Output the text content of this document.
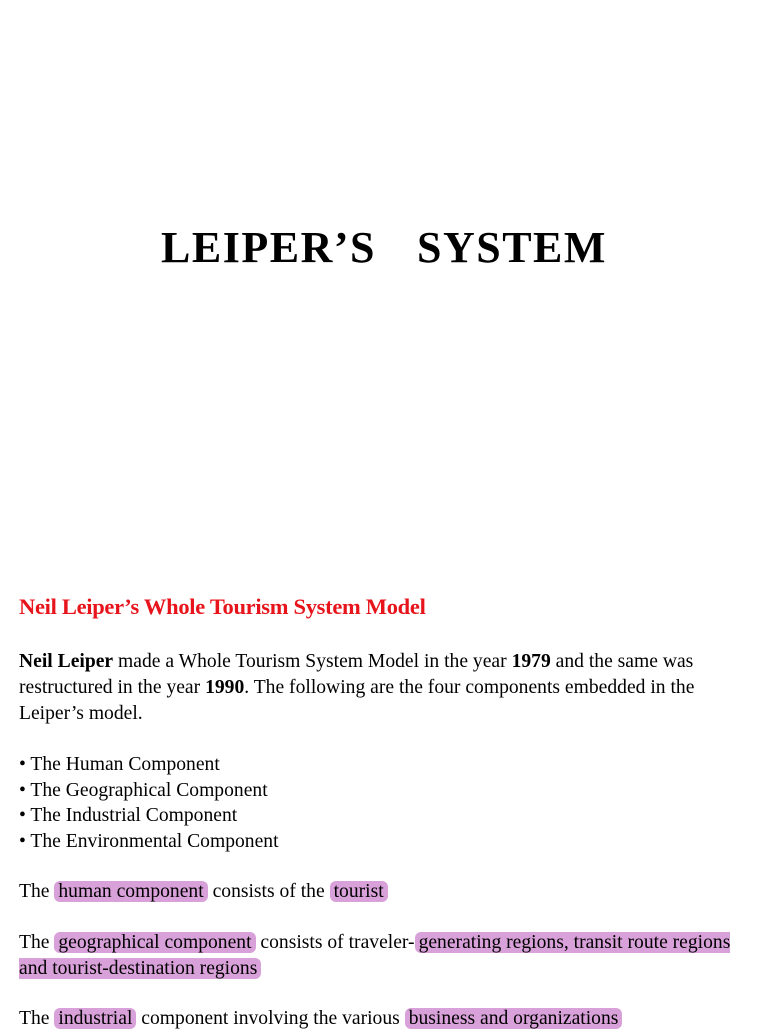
LEIPER’S  SYSTEM
Neil Leiper’s Whole Tourism System Model

Neil Leiper made a Whole Tourism System Model in the year 1979 and the same was restructured in the year 1990. The following are the four components embedded in the Leiper’s model.

• The Human Component
• The Geographical Component
• The Industrial Component
• The Environmental Component

The human component consists of the tourist

The geographical component consists of traveler- generating regions, transit route regions and tourist-destination regions

The industrial component involving the various business and organizations
